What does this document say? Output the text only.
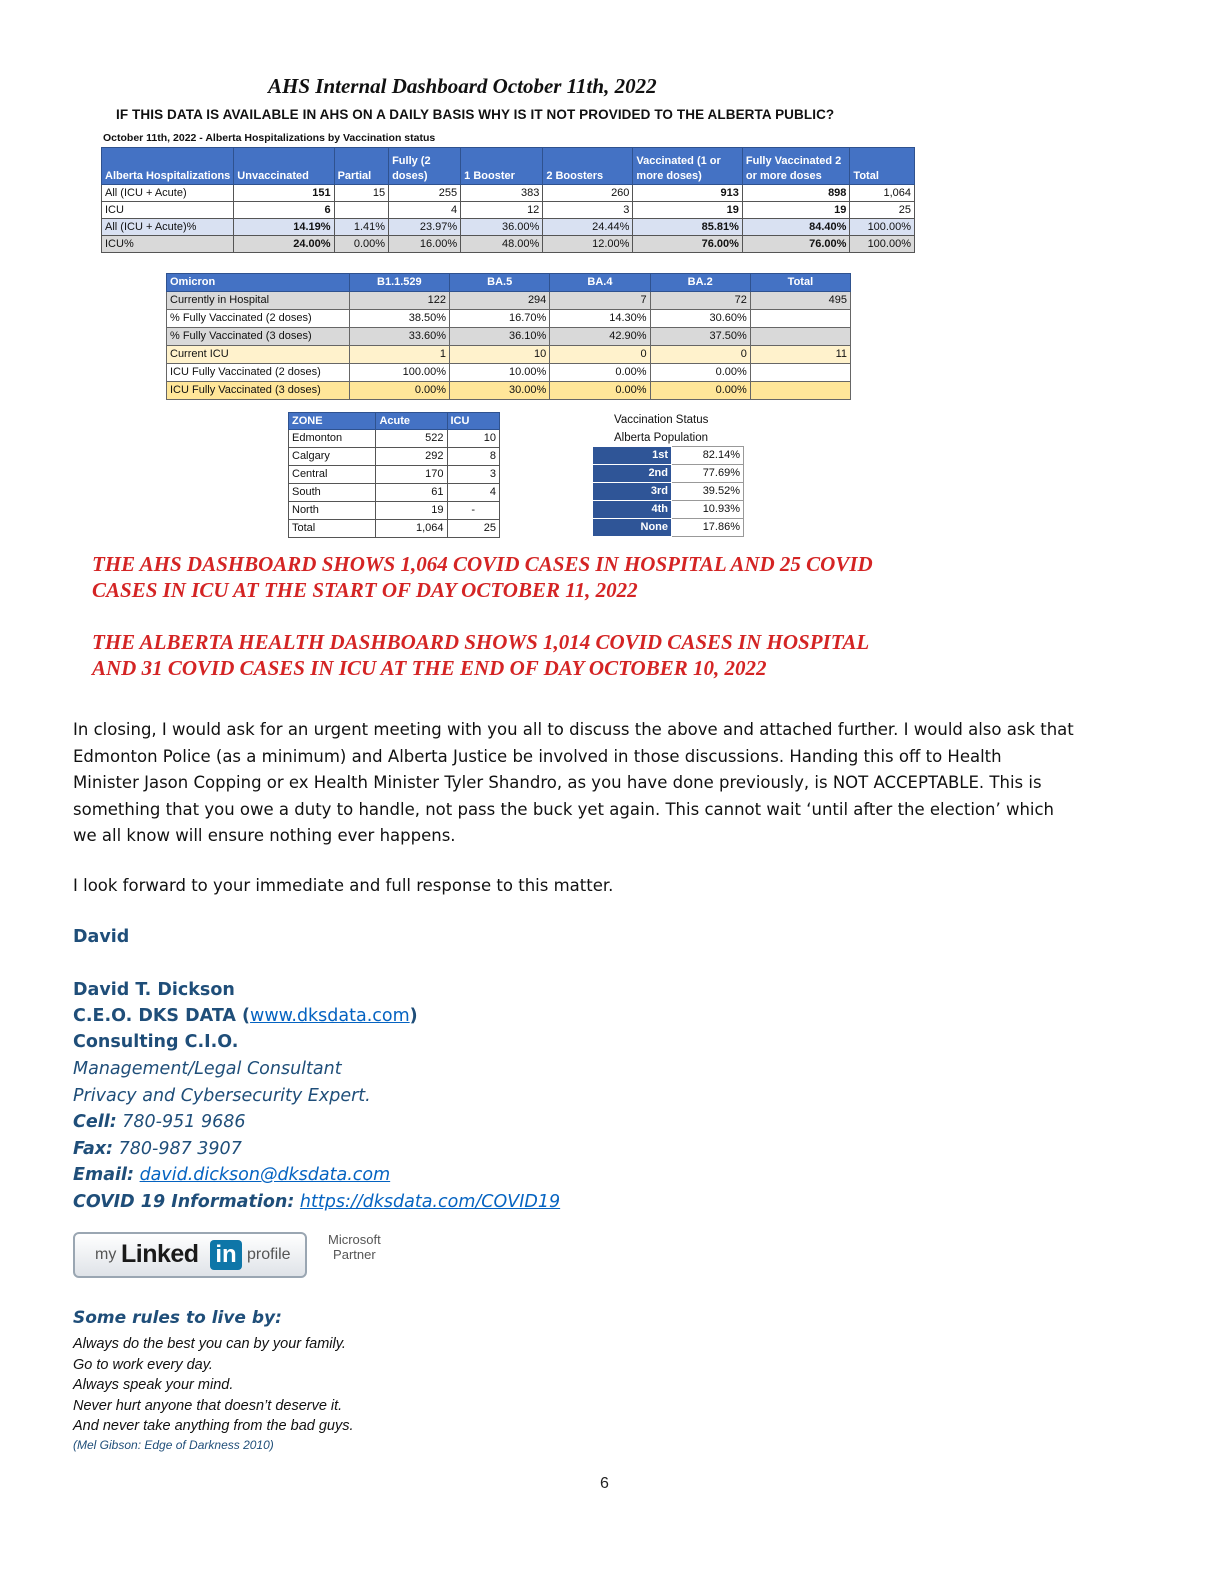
AHS Internal Dashboard October 11th, 2022
IF THIS DATA IS AVAILABLE IN AHS ON A DAILY BASIS WHY IS IT NOT PROVIDED TO THE ALBERTA PUBLIC?
October 11th, 2022 - Alberta Hospitalizations by Vaccination status
Alberta Hospitalizations	Unvaccinated	Partial	Fully (2 doses)	1 Booster	2 Boosters	Vaccinated (1 or more doses)	Fully Vaccinated 2 or more doses	Total
All (ICU + Acute)	151	15	255	383	260	913	898	1,064
ICU	6		4	12	3	19	19	25
All (ICU + Acute)%	14.19%	1.41%	23.97%	36.00%	24.44%	85.81%	84.40%	100.00%
ICU%	24.00%	0.00%	16.00%	48.00%	12.00%	76.00%	76.00%	100.00%
Omicron	B1.1.529	BA.5	BA.4	BA.2	Total
Currently in Hospital	122	294	7	72	495
% Fully Vaccinated (2 doses)	38.50%	16.70%	14.30%	30.60%	
% Fully Vaccinated (3 doses)	33.60%	36.10%	42.90%	37.50%	
Current ICU	1	10	0	0	11
ICU Fully Vaccinated (2 doses)	100.00%	10.00%	0.00%	0.00%	
ICU Fully Vaccinated (3 doses)	0.00%	30.00%	0.00%	0.00%	
ZONE	Acute	ICU
Edmonton	522	10
Calgary	292	8
Central	170	3
South	61	4
North	19	-
Total	1,064	25
Vaccination Status
Alberta Population
1st	82.14%
2nd	77.69%
3rd	39.52%
4th	10.93%
None	17.86%
THE AHS DASHBOARD SHOWS 1,064 COVID CASES IN HOSPITAL AND 25 COVID
CASES IN ICU AT THE START OF DAY OCTOBER 11, 2022
THE ALBERTA HEALTH DASHBOARD SHOWS 1,014 COVID CASES IN HOSPITAL
AND 31 COVID CASES IN ICU AT THE END OF DAY OCTOBER 10, 2022
In closing, I would ask for an urgent meeting with you all to discuss the above and attached further. I would also ask that
Edmonton Police (as a minimum) and Alberta Justice be involved in those discussions. Handing this off to Health
Minister Jason Copping or ex Health Minister Tyler Shandro, as you have done previously, is NOT ACCEPTABLE. This is
something that you owe a duty to handle, not pass the buck yet again. This cannot wait ‘until after the election’ which
we all know will ensure nothing ever happens.
I look forward to your immediate and full response to this matter.
David
David T. Dickson
C.E.O. DKS DATA (www.dksdata.com)
Consulting C.I.O.
Management/Legal Consultant
Privacy and Cybersecurity Expert.
Cell: 780-951 9686
Fax: 780-987 3907
Email: david.dickson@dksdata.com
COVID 19 Information: https://dksdata.com/COVID19
my Linked in profile
Microsoft
Partner
Some rules to live by:
Always do the best you can by your family.
Go to work every day.
Always speak your mind.
Never hurt anyone that doesn’t deserve it.
And never take anything from the bad guys.
(Mel Gibson: Edge of Darkness 2010)
6
